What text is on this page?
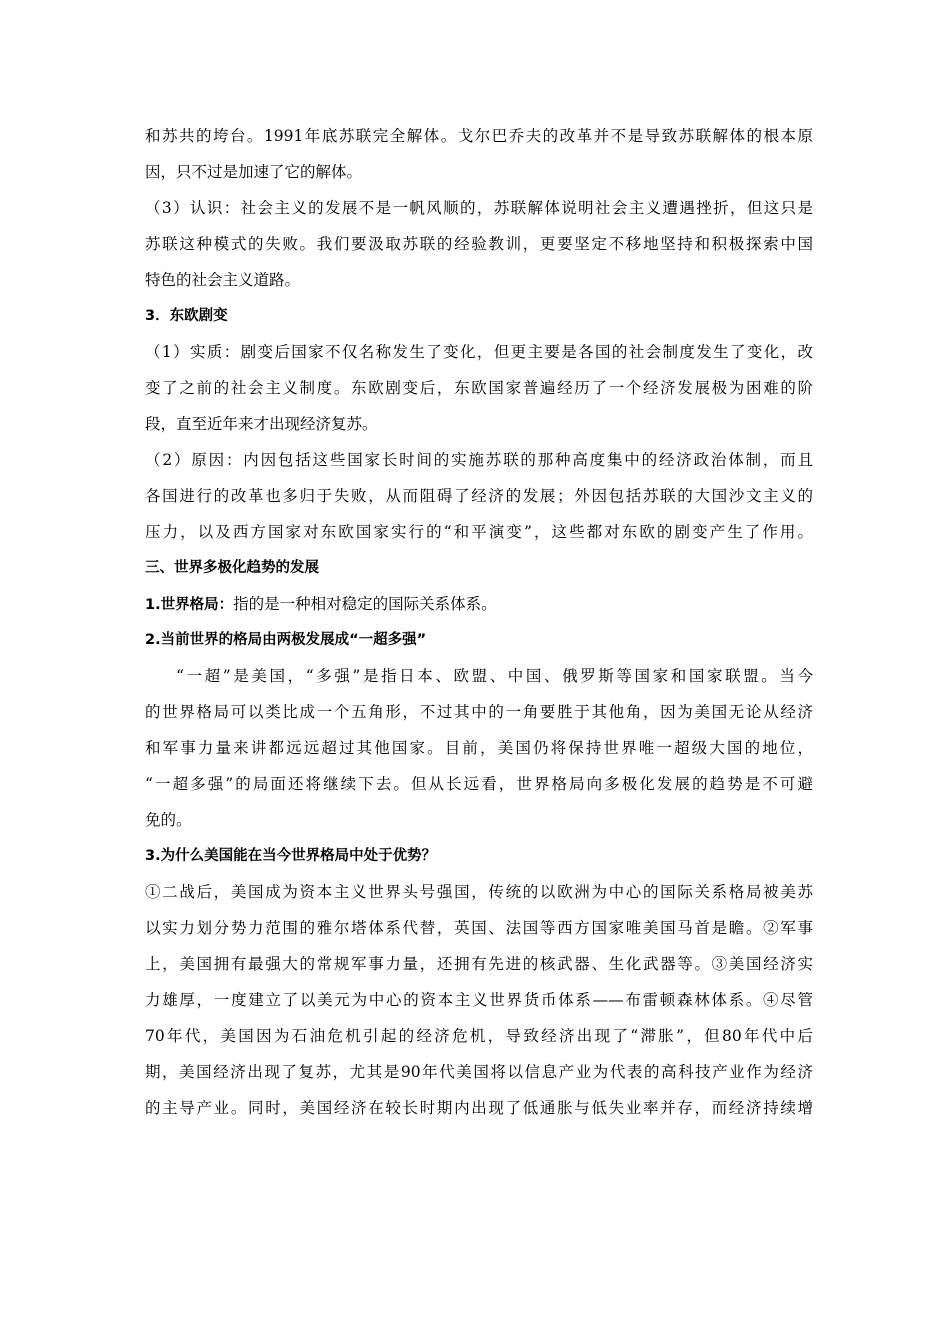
和苏共的垮台。1991年底苏联完全解体。戈尔巴乔夫的改革并不是导致苏联解体的根本原
因，只不过是加速了它的解体。
（3）认识：社会主义的发展不是一帆风顺的，苏联解体说明社会主义遭遇挫折，但这只是
苏联这种模式的失败。我们要汲取苏联的经验教训，更要坚定不移地坚持和积极探索中国
特色的社会主义道路。
3．东欧剧变
（1）实质：剧变后国家不仅名称发生了变化，但更主要是各国的社会制度发生了变化，改
变了之前的社会主义制度。东欧剧变后，东欧国家普遍经历了一个经济发展极为困难的阶
段，直至近年来才出现经济复苏。
（2）原因：内因包括这些国家长时间的实施苏联的那种高度集中的经济政治体制，而且
各国进行的改革也多归于失败，从而阻碍了经济的发展；外因包括苏联的大国沙文主义的
压力，以及西方国家对东欧国家实行的“和平演变”，这些都对东欧的剧变产生了作用。
三、世界多极化趋势的发展
1.世界格局：指的是一种相对稳定的国际关系体系。
2.当前世界的格局由两极发展成“一超多强”
“一超”是美国，“多强”是指日本、欧盟、中国、俄罗斯等国家和国家联盟。当今
的世界格局可以类比成一个五角形，不过其中的一角要胜于其他角，因为美国无论从经济
和军事力量来讲都远远超过其他国家。目前，美国仍将保持世界唯一超级大国的地位，
“一超多强”的局面还将继续下去。但从长远看，世界格局向多极化发展的趋势是不可避
免的。
3.为什么美国能在当今世界格局中处于优势？
①二战后，美国成为资本主义世界头号强国，传统的以欧洲为中心的国际关系格局被美苏
以实力划分势力范围的雅尔塔体系代替，英国、法国等西方国家唯美国马首是瞻。②军事
上，美国拥有最强大的常规军事力量，还拥有先进的核武器、生化武器等。③美国经济实
力雄厚，一度建立了以美元为中心的资本主义世界货币体系——布雷顿森林体系。④尽管
70年代，美国因为石油危机引起的经济危机，导致经济出现了“滞胀”，但80年代中后
期，美国经济出现了复苏，尤其是90年代美国将以信息产业为代表的高科技产业作为经济
的主导产业。同时，美国经济在较长时期内出现了低通胀与低失业率并存，而经济持续增
